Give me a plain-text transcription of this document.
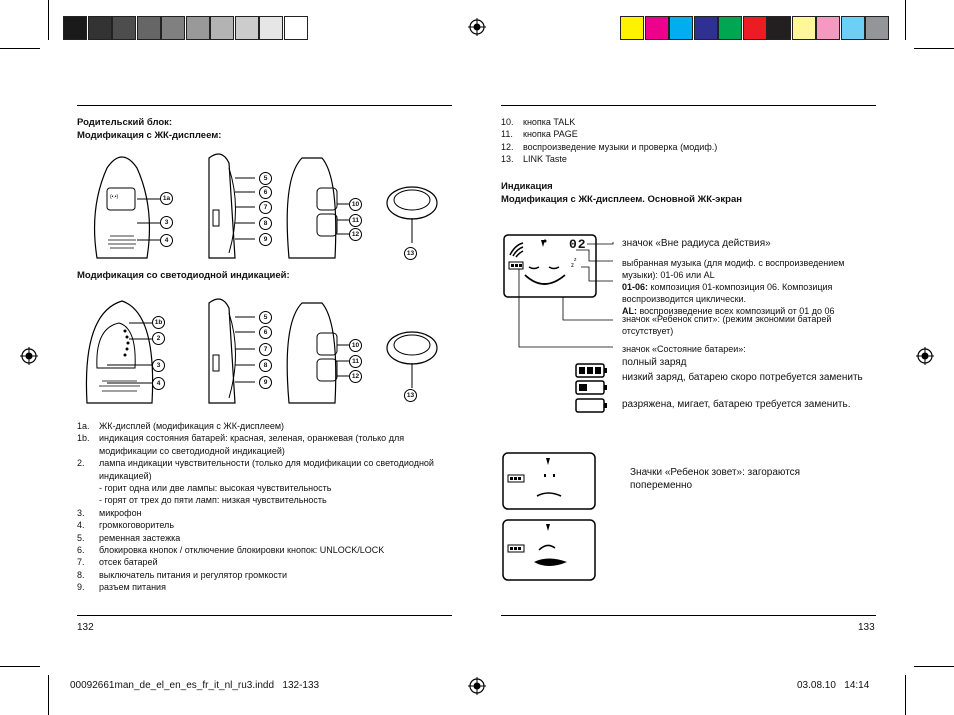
Родительский блок:
Модификация с ЖК-дисплеем:
(•.•)	1a
3
4
5
6
7
8
9
10
11
12
13
Модификация со светодиодной индикацией:
1b
2
3
4
5
6
7
8
9
10
11
12
13
1a. ЖК-дисплей (модификация с ЖК-дисплеем)
1b. индикация состояния батарей: красная, зеленая, оранжевая (только для модификации со светодиодной индикацией)
2. лампа индикации чувствительности (только для модификации со светодиодной индикацией)
- горит одна или две лампы: высокая чувствительность
- горят от трех до пяти ламп: низкая чувствительность
3. микрофон
4. громкоговоритель
5. ременная застежка
6. блокировка кнопок / отключение блокировки кнопок: UNLOCK/LOCK
7. отсек батарей
8. выключатель питания и регулятор громкости
9. разъем питания
132
10. кнопка TALK
11. кнопка PAGE
12. воспроизведение музыки и проверка (модиф.)
13. LINK Taste
Индикация
Модификация с ЖК-дисплеем. Основной ЖК-экран
z
z
02	значок «Вне радиуса действия»
выбранная музыка (для модиф. с воспроизведением музыки): 01-06 или AL
01-06: композиция 01-композиция 06. Композиция воспроизводится циклически.
AL: воспроизведение всех композиций от 01 до 06
значок «Ребенок спит»: (режим экономии батарей отсутствует)
значок «Состояние батареи»:
полный заряд
низкий заряд, батарею скоро потребуется заменить
разряжена, мигает, батарею требуется заменить.
Значки «Ребенок зовет»: загораются попеременно
133
00092661man_de_el_en_es_fr_it_nl_ru3.indd   132-133	03.08.10   14:14
